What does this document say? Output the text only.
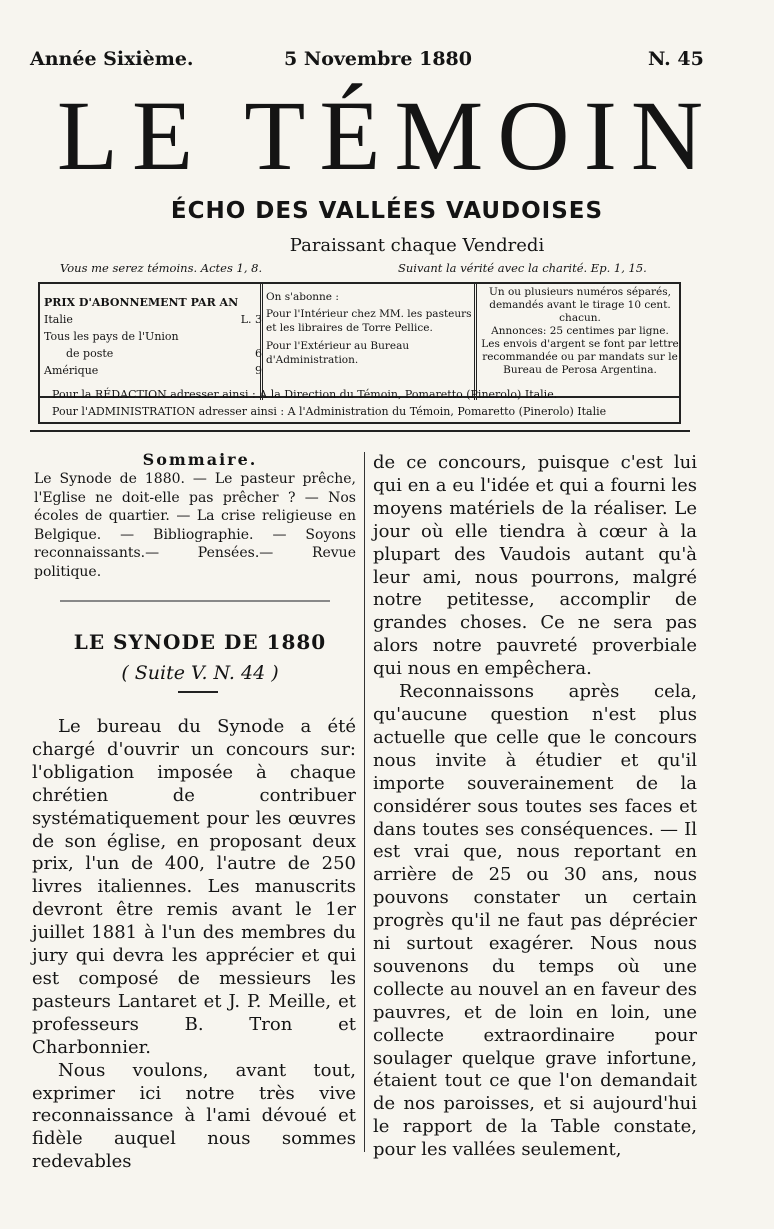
Année Sixième.	5 Novembre 1880	N. 45
LE TÉMOIN
ÉCHO DES VALLÉES VAUDOISES
Paraissant chaque Vendredi
Vous me serez témoins. Actes 1, 8.	Suivant la vérité avec la charité. Ep. 1, 15.
PRIX D'ABONNEMENT PAR AN
Italie	L. 3
Tous les pays de l'Union
de poste	6
Amérique	9
On s'abonne :
Pour l'Intérieur chez MM. les pasteurs et les libraires de Torre Pellice.
Pour l'Extérieur au Bureau d'Administration.
Un ou plusieurs numéros séparés, demandés avant le tirage 10 cent. chacun.
Annonces: 25 centimes par ligne.
Les envois d'argent se font par lettre recommandée ou par mandats sur le Bureau de Perosa Argentina.
Pour la RÉDACTION adresser ainsi : A la Direction du Témoin, Pomaretto (Pinerolo) Italie.
Pour l'ADMINISTRATION adresser ainsi : A l'Administration du Témoin, Pomaretto (Pinerolo) Italie
Sommaire.
Le Synode de 1880. — Le pasteur prêche, l'Eglise ne doit-elle pas prêcher ? — Nos écoles de quartier. — La crise religieuse en Belgique. — Bibliographie. — Soyons reconnaissants.— Pensées.— Revue politique.
LE SYNODE DE 1880
( Suite V. N. 44 )

Le bureau du Synode a été chargé d'ouvrir un concours sur: l'obligation imposée à chaque chrétien de contribuer systématiquement pour les œuvres de son église, en proposant deux prix, l'un de 400, l'autre de 250 livres italiennes. Les manuscrits devront être remis avant le 1er juillet 1881 à l'un des membres du jury qui devra les apprécier et qui est composé de messieurs les pasteurs Lantaret et J. P. Meille, et professeurs B. Tron et Charbonnier.

Nous voulons, avant tout, exprimer ici notre très vive reconnaissance à l'ami dévoué et fidèle auquel nous sommes redevables

de ce concours, puisque c'est lui qui en a eu l'idée et qui a fourni les moyens matériels de la réaliser. Le jour où elle tiendra à cœur à la plupart des Vaudois autant qu'à leur ami, nous pourrons, malgré notre petitesse, accomplir de grandes choses. Ce ne sera pas alors notre pauvreté proverbiale qui nous en empêchera.

Reconnaissons après cela, qu'aucune question n'est plus actuelle que celle que le concours nous invite à étudier et qu'il importe souverainement de la considérer sous toutes ses faces et dans toutes ses conséquences. — Il est vrai que, nous reportant en arrière de 25 ou 30 ans, nous pouvons constater un certain progrès qu'il ne faut pas déprécier ni surtout exagérer. Nous nous souvenons du temps où une collecte au nouvel an en faveur des pauvres, et de loin en loin, une collecte extraordinaire pour soulager quelque grave infortune, étaient tout ce que l'on demandait de nos paroisses, et si aujourd'hui le rapport de la Table constate, pour les vallées seulement,
